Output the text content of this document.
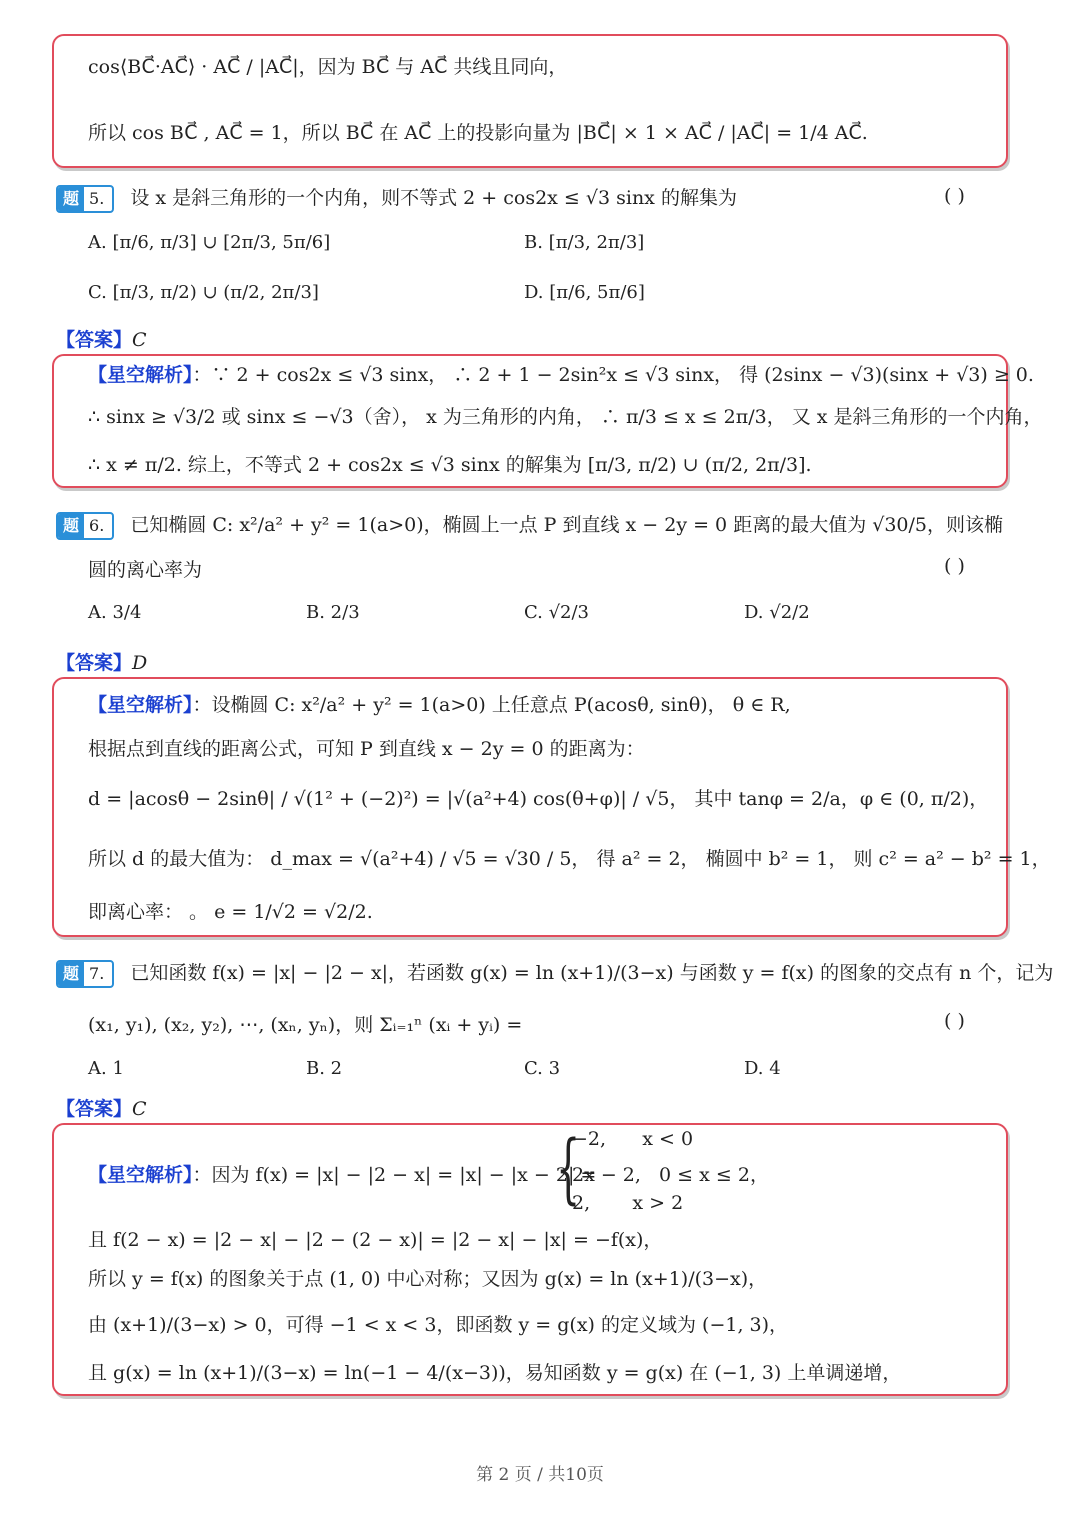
cos⟨BC⃗·AC⃗⟩ · AC⃗ / |AC⃗|，因为 BC⃗ 与 AC⃗ 共线且同向，
所以 cos BC⃗ , AC⃗ = 1，所以 BC⃗ 在 AC⃗ 上的投影向量为 |BC⃗| × 1 × AC⃗ / |AC⃗| = 1/4 AC⃗.
题 5. 设 x 是斜三角形的一个内角，则不等式 2 + cos2x ≤ √3 sinx 的解集为	( )
A. [π/6, π/3] ∪ [2π/3, 5π/6]	B. [π/3, 2π/3]
C. [π/3, π/2) ∪ (π/2, 2π/3]	D. [π/6, 5π/6]
【答案】C
【星空解析】：∵ 2 + cos2x ≤ √3 sinx， ∴ 2 + 1 − 2sin²x ≤ √3 sinx， 得 (2sinx − √3)(sinx + √3) ≥ 0.
∴ sinx ≥ √3/2 或 sinx ≤ −√3（舍）， x 为三角形的内角， ∴ π/3 ≤ x ≤ 2π/3， 又 x 是斜三角形的一个内角，
∴ x ≠ π/2. 综上，不等式 2 + cos2x ≤ √3 sinx 的解集为 [π/3, π/2) ∪ (π/2, 2π/3].
题 6. 已知椭圆 C: x²/a² + y² = 1(a>0)，椭圆上一点 P 到直线 x − 2y = 0 距离的最大值为 √30/5，则该椭
圆的离心率为	( )
A. 3/4	B. 2/3	C. √2/3	D. √2/2
【答案】D
【星空解析】：设椭圆 C: x²/a² + y² = 1(a>0) 上任意点 P(acosθ, sinθ)， θ ∈ R,
根据点到直线的距离公式，可知 P 到直线 x − 2y = 0 的距离为：
d = |acosθ − 2sinθ| / √(1² + (−2)²) = |√(a²+4) cos(θ+φ)| / √5， 其中 tanφ = 2/a，φ ∈ (0, π/2)，
所以 d 的最大值为： d_max = √(a²+4) / √5 = √30 / 5， 得 a² = 2， 椭圆中 b² = 1， 则 c² = a² − b² = 1，
即离心率： 。 e = 1/√2 = √2/2.
题 7. 已知函数 f(x) = |x| − |2 − x|，若函数 g(x) = ln (x+1)/(3−x) 与函数 y = f(x) 的图象的交点有 n 个，记为
(x₁, y₁), (x₂, y₂), ⋯, (xₙ, yₙ)，则 Σᵢ₌₁ⁿ (xᵢ + yᵢ) =	( )
A. 1	B. 2	C. 3	D. 4
【答案】C
【星空解析】：因为 f(x) = |x| − |2 − x| = |x| − |x − 2| =
{
−2,      x < 0
2x − 2,   0 ≤ x ≤ 2，
2,       x > 2
且 f(2 − x) = |2 − x| − |2 − (2 − x)| = |2 − x| − |x| = −f(x)，
所以 y = f(x) 的图象关于点 (1, 0) 中心对称；又因为 g(x) = ln (x+1)/(3−x)，
由 (x+1)/(3−x) > 0，可得 −1 < x < 3，即函数 y = g(x) 的定义域为 (−1, 3)，
且 g(x) = ln (x+1)/(3−x) = ln(−1 − 4/(x−3))，易知函数 y = g(x) 在 (−1, 3) 上单调递增，
第 2 页 / 共10页
